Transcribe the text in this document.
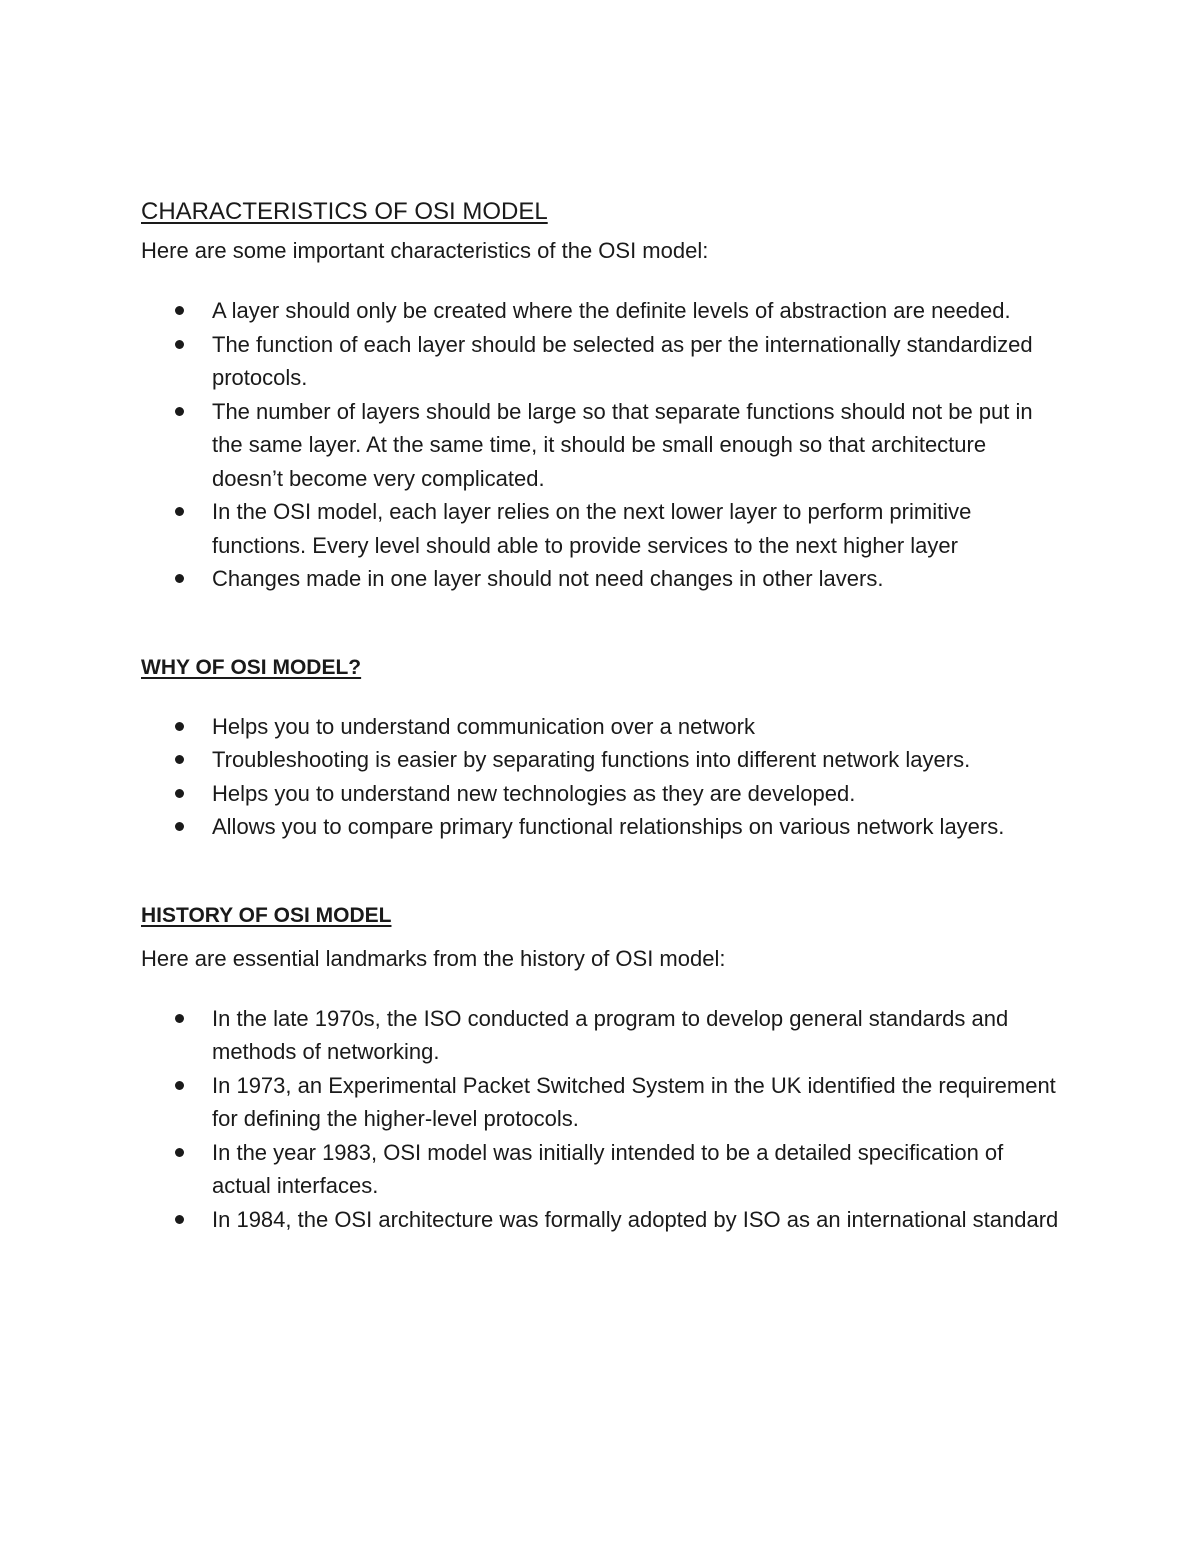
CHARACTERISTICS OF OSI MODEL

Here are some important characteristics of the OSI model:

A layer should only be created where the definite levels of abstraction are needed.
The function of each layer should be selected as per the internationally standardized protocols.
The number of layers should be large so that separate functions should not be put in the same layer. At the same time, it should be small enough so that architecture doesn’t become very complicated.
In the OSI model, each layer relies on the next lower layer to perform primitive functions. Every level should able to provide services to the next higher layer
Changes made in one layer should not need changes in other lavers.
WHY OF OSI MODEL?
Helps you to understand communication over a network
Troubleshooting is easier by separating functions into different network layers.
Helps you to understand new technologies as they are developed.
Allows you to compare primary functional relationships on various network layers.
HISTORY OF OSI MODEL

Here are essential landmarks from the history of OSI model:

In the late 1970s, the ISO conducted a program to develop general standards and methods of networking.
In 1973, an Experimental Packet Switched System in the UK identified the requirement for defining the higher-level protocols.
In the year 1983, OSI model was initially intended to be a detailed specification of actual interfaces.
In 1984, the OSI architecture was formally adopted by ISO as an international standard
